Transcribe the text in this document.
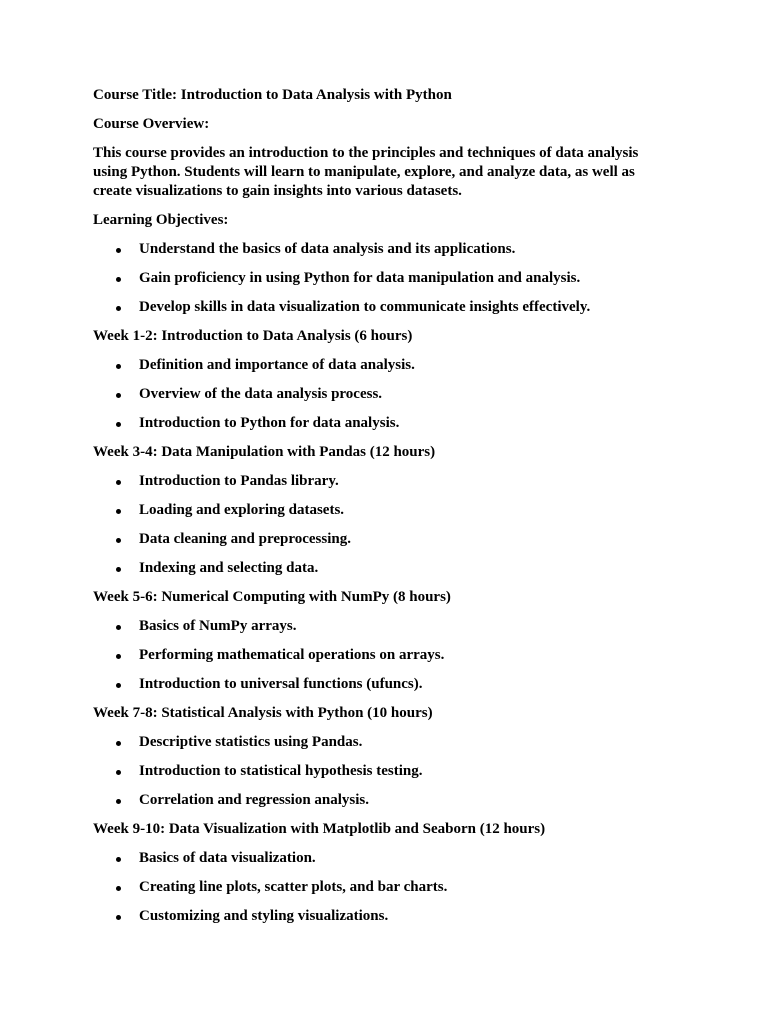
Course Title: Introduction to Data Analysis with Python
Course Overview:
This course provides an introduction to the principles and techniques of data analysis using Python. Students will learn to manipulate, explore, and analyze data, as well as create visualizations to gain insights into various datasets.
Learning Objectives:
Understand the basics of data analysis and its applications.
Gain proficiency in using Python for data manipulation and analysis.
Develop skills in data visualization to communicate insights effectively.
Week 1-2: Introduction to Data Analysis (6 hours)
Definition and importance of data analysis.
Overview of the data analysis process.
Introduction to Python for data analysis.
Week 3-4: Data Manipulation with Pandas (12 hours)
Introduction to Pandas library.
Loading and exploring datasets.
Data cleaning and preprocessing.
Indexing and selecting data.
Week 5-6: Numerical Computing with NumPy (8 hours)
Basics of NumPy arrays.
Performing mathematical operations on arrays.
Introduction to universal functions (ufuncs).
Week 7-8: Statistical Analysis with Python (10 hours)
Descriptive statistics using Pandas.
Introduction to statistical hypothesis testing.
Correlation and regression analysis.
Week 9-10: Data Visualization with Matplotlib and Seaborn (12 hours)
Basics of data visualization.
Creating line plots, scatter plots, and bar charts.
Customizing and styling visualizations.
